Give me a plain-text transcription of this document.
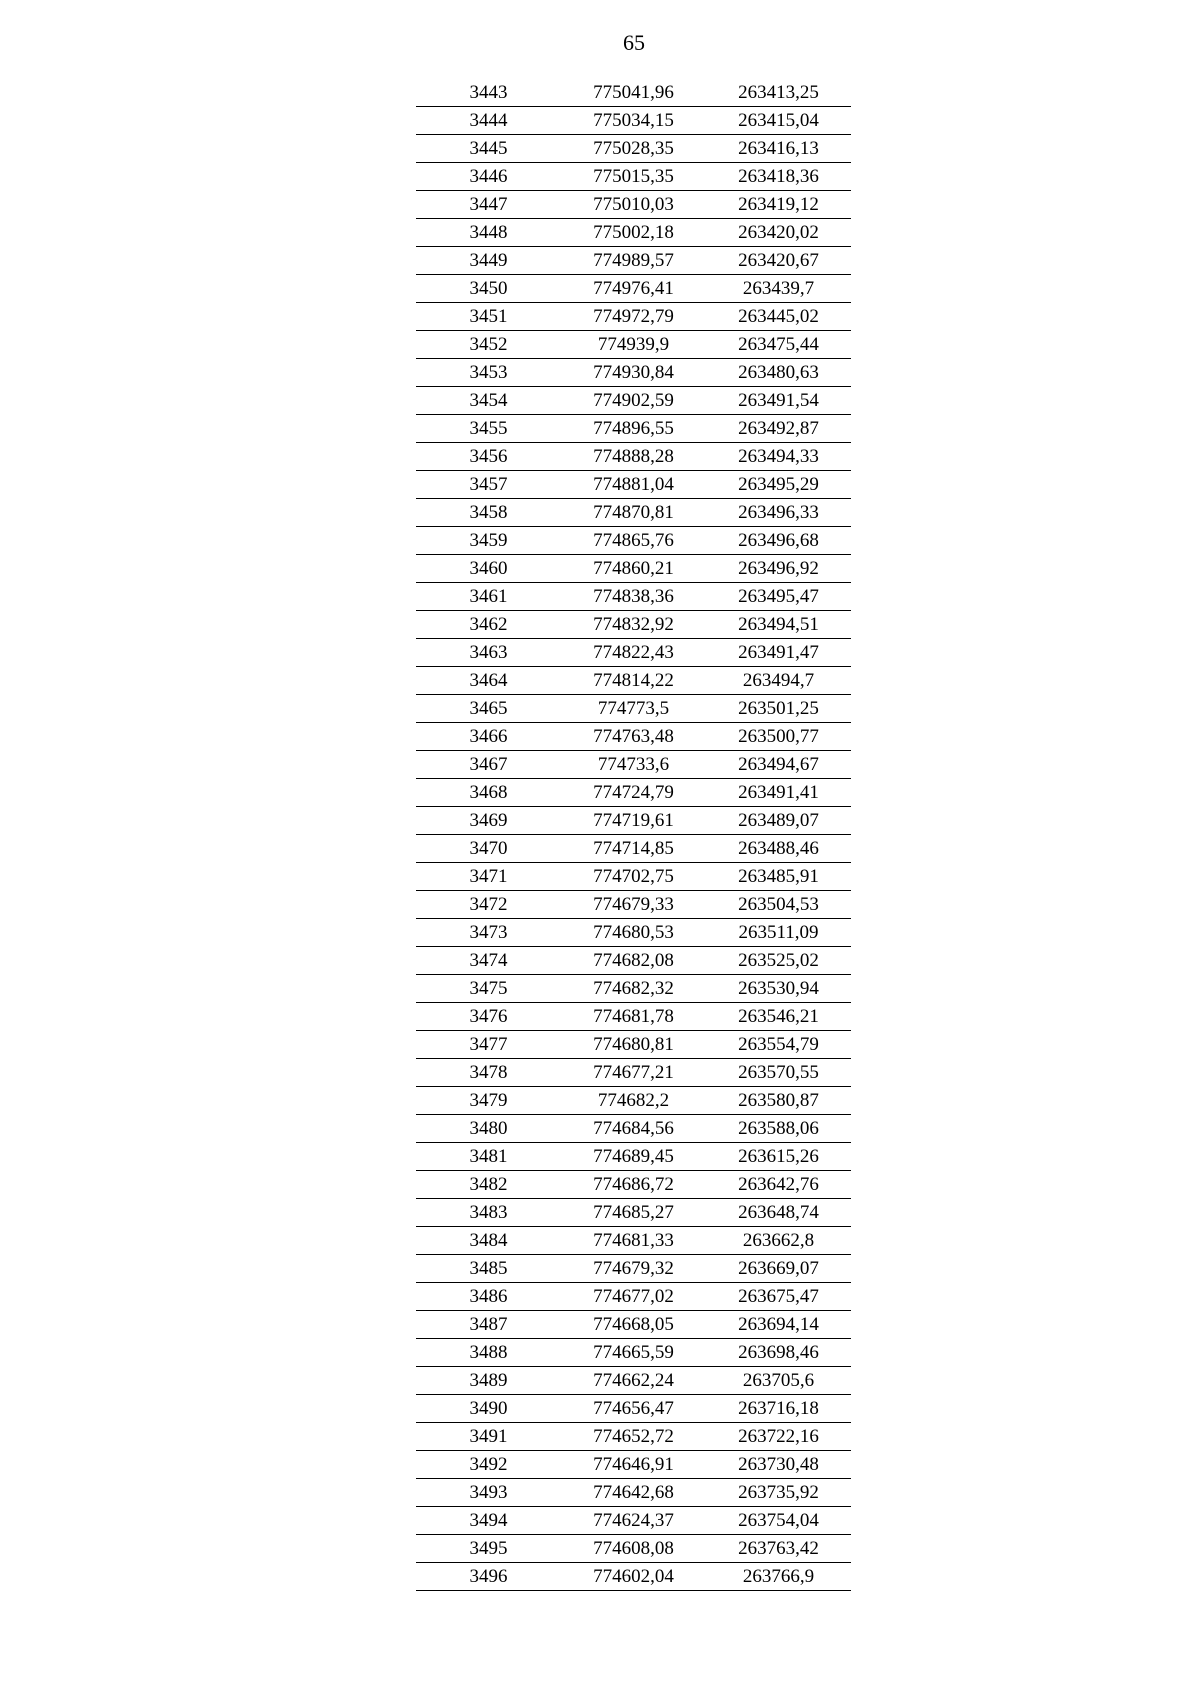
65
3443	775041,96	263413,25
3444	775034,15	263415,04
3445	775028,35	263416,13
3446	775015,35	263418,36
3447	775010,03	263419,12
3448	775002,18	263420,02
3449	774989,57	263420,67
3450	774976,41	263439,7
3451	774972,79	263445,02
3452	774939,9	263475,44
3453	774930,84	263480,63
3454	774902,59	263491,54
3455	774896,55	263492,87
3456	774888,28	263494,33
3457	774881,04	263495,29
3458	774870,81	263496,33
3459	774865,76	263496,68
3460	774860,21	263496,92
3461	774838,36	263495,47
3462	774832,92	263494,51
3463	774822,43	263491,47
3464	774814,22	263494,7
3465	774773,5	263501,25
3466	774763,48	263500,77
3467	774733,6	263494,67
3468	774724,79	263491,41
3469	774719,61	263489,07
3470	774714,85	263488,46
3471	774702,75	263485,91
3472	774679,33	263504,53
3473	774680,53	263511,09
3474	774682,08	263525,02
3475	774682,32	263530,94
3476	774681,78	263546,21
3477	774680,81	263554,79
3478	774677,21	263570,55
3479	774682,2	263580,87
3480	774684,56	263588,06
3481	774689,45	263615,26
3482	774686,72	263642,76
3483	774685,27	263648,74
3484	774681,33	263662,8
3485	774679,32	263669,07
3486	774677,02	263675,47
3487	774668,05	263694,14
3488	774665,59	263698,46
3489	774662,24	263705,6
3490	774656,47	263716,18
3491	774652,72	263722,16
3492	774646,91	263730,48
3493	774642,68	263735,92
3494	774624,37	263754,04
3495	774608,08	263763,42
3496	774602,04	263766,9
